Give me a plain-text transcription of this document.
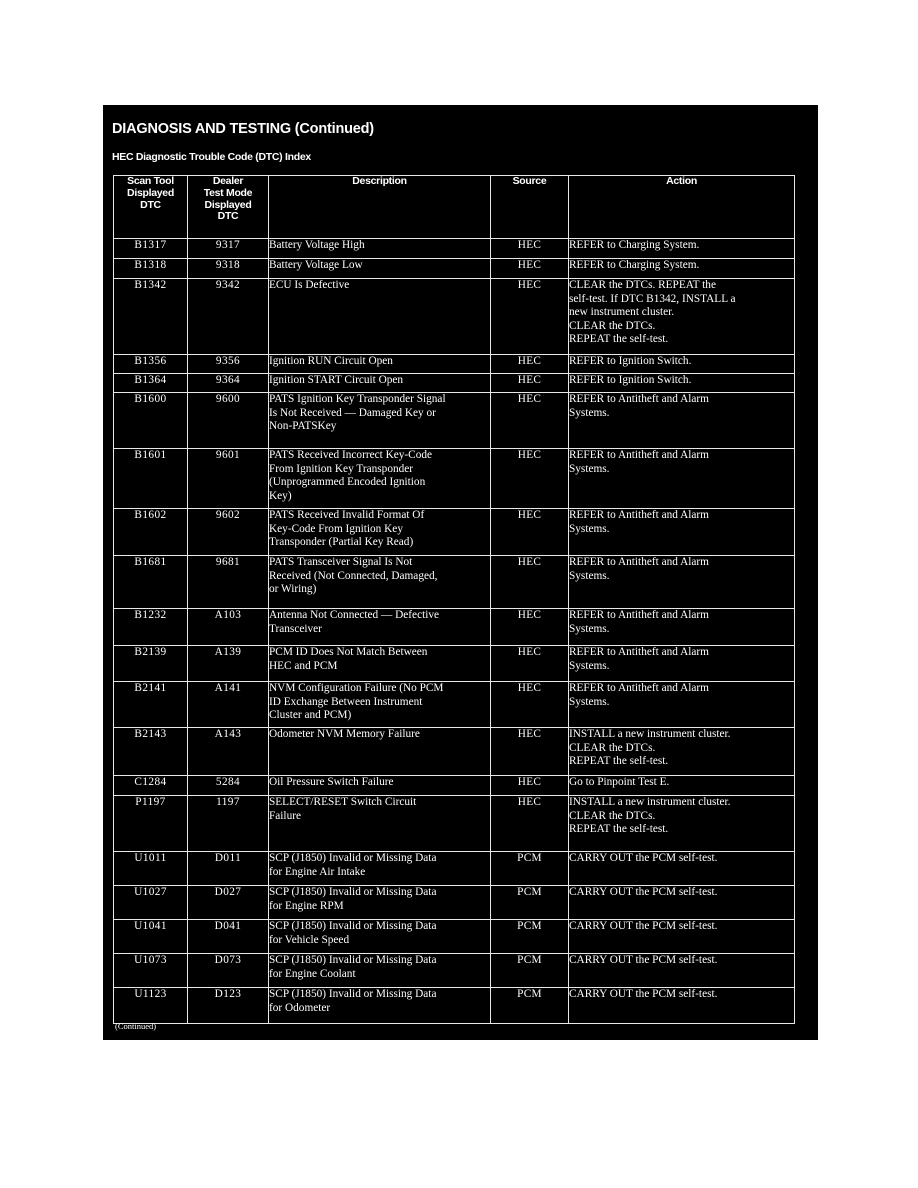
DIAGNOSIS AND TESTING (Continued)
HEC Diagnostic Trouble Code (DTC) Index
Scan Tool
Displayed
DTC	Dealer
Test Mode
Displayed
DTC	Description	Source	Action
B1317	9317	Battery Voltage High	HEC	REFER to Charging System.

B1318	9318	Battery Voltage Low	HEC	REFER to Charging System.

B1342	9342	ECU Is Defective	HEC	CLEAR the DTCs. REPEAT the
self-test. If DTC B1342, INSTALL a
new instrument cluster.
CLEAR the DTCs.
REPEAT the self-test.

B1356	9356	Ignition RUN Circuit Open	HEC	REFER to Ignition Switch.

B1364	9364	Ignition START Circuit Open	HEC	REFER to Ignition Switch.

B1600	9600	PATS Ignition Key Transponder Signal
Is Not Received — Damaged Key or
Non-PATSKey	HEC	REFER to Antitheft and Alarm
Systems.

B1601	9601	PATS Received Incorrect Key-Code
From Ignition Key Transponder
(Unprogrammed Encoded Ignition
Key)	HEC	REFER to Antitheft and Alarm
Systems.

B1602	9602	PATS Received Invalid Format Of
Key-Code From Ignition Key
Transponder (Partial Key Read)	HEC	REFER to Antitheft and Alarm
Systems.

B1681	9681	PATS Transceiver Signal Is Not
Received (Not Connected, Damaged,
or Wiring)	HEC	REFER to Antitheft and Alarm
Systems.

B1232	A103	Antenna Not Connected — Defective
Transceiver	HEC	REFER to Antitheft and Alarm
Systems.

B2139	A139	PCM ID Does Not Match Between
HEC and PCM	HEC	REFER to Antitheft and Alarm
Systems.

B2141	A141	NVM Configuration Failure (No PCM
ID Exchange Between Instrument
Cluster and PCM)	HEC	REFER to Antitheft and Alarm
Systems.

B2143	A143	Odometer NVM Memory Failure	HEC	INSTALL a new instrument cluster.
CLEAR the DTCs.
REPEAT the self-test.

C1284	5284	Oil Pressure Switch Failure	HEC	Go to Pinpoint Test E.

P1197	1197	SELECT/RESET Switch Circuit
Failure	HEC	INSTALL a new instrument cluster.
CLEAR the DTCs.
REPEAT the self-test.

U1011	D011	SCP (J1850) Invalid or Missing Data
for Engine Air Intake	PCM	CARRY OUT the PCM self-test.

U1027	D027	SCP (J1850) Invalid or Missing Data
for Engine RPM	PCM	CARRY OUT the PCM self-test.

U1041	D041	SCP (J1850) Invalid or Missing Data
for Vehicle Speed	PCM	CARRY OUT the PCM self-test.

U1073	D073	SCP (J1850) Invalid or Missing Data
for Engine Coolant	PCM	CARRY OUT the PCM self-test.

U1123	D123	SCP (J1850) Invalid or Missing Data
for Odometer	PCM	CARRY OUT the PCM self-test.
(Continued)
